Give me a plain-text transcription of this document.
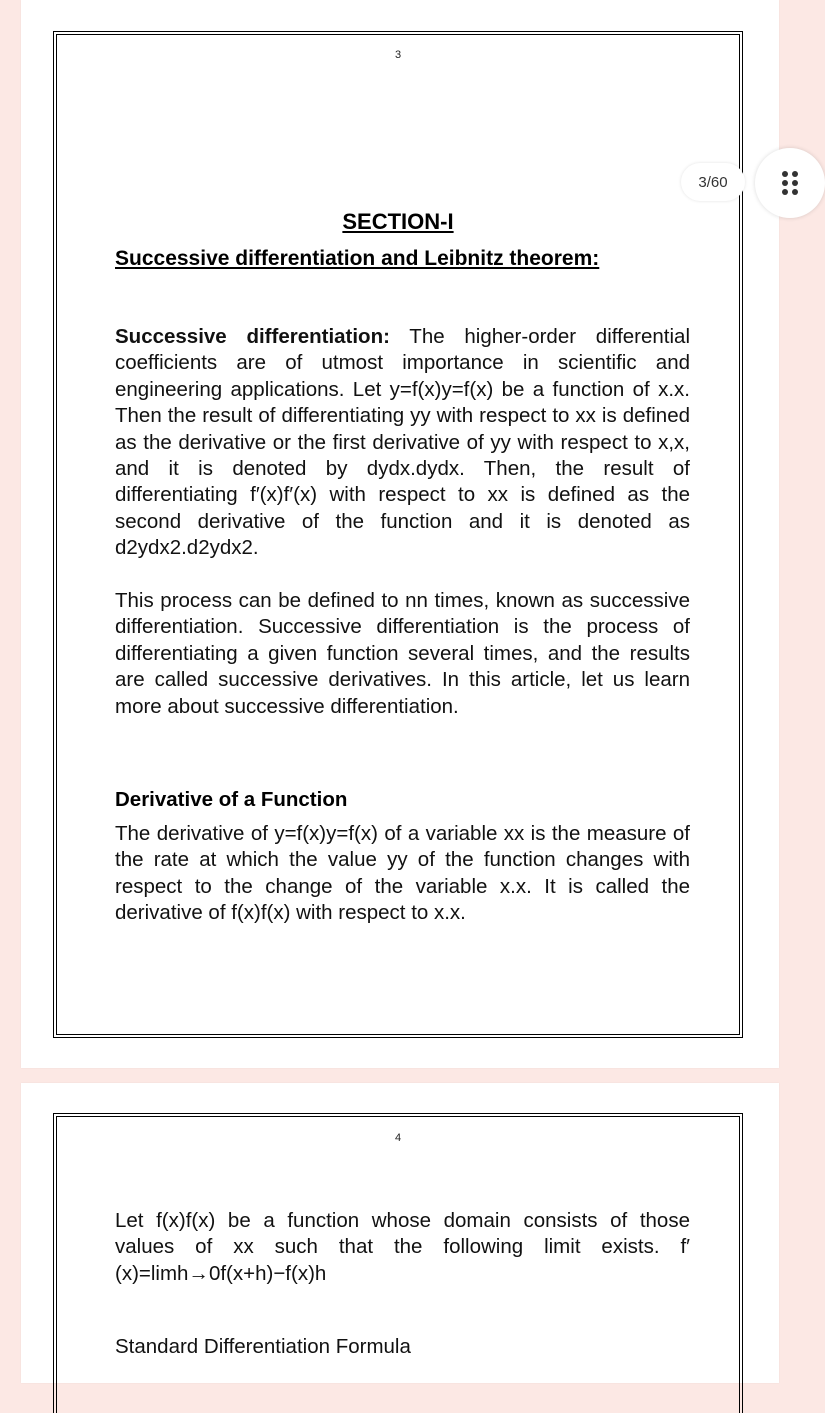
3
SECTION-I
Successive differentiation and Leibnitz theorem:

Successive differentiation: The higher-order differential coefficients are of utmost importance in scientific and engineering applications. Let y=f(x)y=f(x) be a function of x.x. Then the result of differentiating yy with respect to xx is defined as the derivative or the first derivative of yy with respect to x,x, and it is denoted by dydx.dydx. Then, the result of differentiating f′(x)f′(x) with respect to xx is defined as the second derivative of the function and it is denoted as d2ydx2.d2ydx2.

This process can be defined to nn times, known as successive differentiation. Successive differentiation is the process of differentiating a given function several times, and the results are called successive derivatives. In this article, let us learn more about successive differentiation.

Derivative of a Function

The derivative of y=f(x)y=f(x) of a variable xx is the measure of the rate at which the value yy of the function changes with respect to the change of the variable x.x. It is called the derivative of f(x)f(x) with respect to x.x.

4

Let f(x)f(x) be a function whose domain consists of those values of xx such that the following limit exists. f′(x)=limh→0f(x+h)−f(x)h

Standard Differentiation Formula

3/60
